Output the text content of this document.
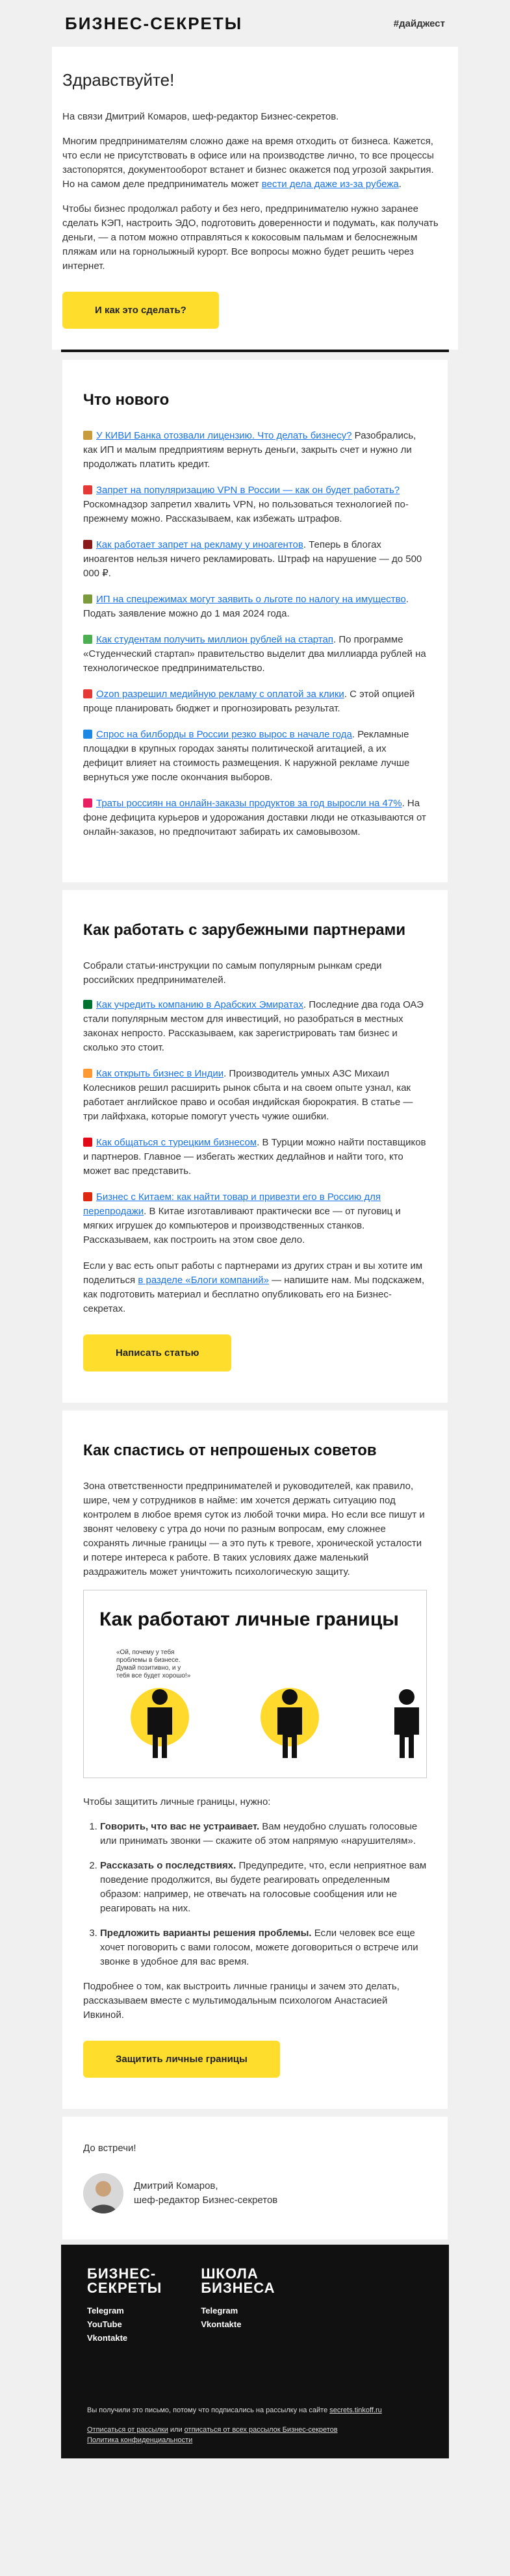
БИЗНЕС-СЕКРЕТЫ	#дайджест
Здравствуйте!

На связи Дмитрий Комаров, шеф-редактор Бизнес-секретов.

Многим предпринимателям сложно даже на время отходить от бизнеса. Кажется, что если не присутствовать в офисе или на производстве лично, то все процессы застопорятся, документооборот встанет и бизнес окажется под угрозой закрытия. Но на самом деле предприниматель может вести дела даже из-за рубежа.

Чтобы бизнес продолжал работу и без него, предпринимателю нужно заранее сделать КЭП, настроить ЭДО, подготовить доверенности и подумать, как получать деньги, — а потом можно отправляться к кокосовым пальмам и белоснежным пляжам или на горнолыжный курорт. Все вопросы можно будет решить через интернет.

И как это сделать?
Что нового
У КИВИ Банка отозвали лицензию. Что делать бизнесу? Разобрались, как ИП и малым предприятиям вернуть деньги, закрыть счет и нужно ли продолжать платить кредит.
Запрет на популяризацию VPN в России — как он будет работать? Роскомнадзор запретил хвалить VPN, но пользоваться технологией по-прежнему можно. Рассказываем, как избежать штрафов.
Как работает запрет на рекламу у иноагентов. Теперь в блогах иноагентов нельзя ничего рекламировать. Штраф на нарушение — до 500 000 ₽.
ИП на спецрежимах могут заявить о льготе по налогу на имущество. Подать заявление можно до 1 мая 2024 года.
Как студентам получить миллион рублей на стартап. По программе «Студенческий стартап» правительство выделит два миллиарда рублей на технологическое предпринимательство.
Ozon разрешил медийную рекламу с оплатой за клики. С этой опцией проще планировать бюджет и прогнозировать результат.
Спрос на билборды в России резко вырос в начале года. Рекламные площадки в крупных городах заняты политической агитацией, а их дефицит влияет на стоимость размещения. К наружной рекламе лучше вернуться уже после окончания выборов.
Траты россиян на онлайн-заказы продуктов за год выросли на 47%. На фоне дефицита курьеров и удорожания доставки люди не отказываются от онлайн-заказов, но предпочитают забирать их самовывозом.
Как работать с зарубежными партнерами

Собрали статьи-инструкции по самым популярным рынкам среди российских предпринимателей.

Как учредить компанию в Арабских Эмиратах. Последние два года ОАЭ стали популярным местом для инвестиций, но разобраться в местных законах непросто. Рассказываем, как зарегистрировать там бизнес и сколько это стоит.
Как открыть бизнес в Индии. Производитель умных АЗС Михаил Колесников решил расширить рынок сбыта и на своем опыте узнал, как работает английское право и особая индийская бюрократия. В статье — три лайфхака, которые помогут учесть чужие ошибки.
Как общаться с турецким бизнесом. В Турции можно найти поставщиков и партнеров. Главное — избегать жестких дедлайнов и найти того, кто может вас представить.
Бизнес с Китаем: как найти товар и привезти его в Россию для перепродажи. В Китае изготавливают практически все — от пуговиц и мягких игрушек до компьютеров и производственных станков. Рассказываем, как построить на этом свое дело.

Если у вас есть опыт работы с партнерами из других стран и вы хотите им поделиться в разделе «Блоги компаний» — напишите нам. Мы подскажем, как подготовить материал и бесплатно опубликовать его на Бизнес-секретах.

Написать статью
Как спастись от непрошеных советов

Зона ответственности предпринимателей и руководителей, как правило, шире, чем у сотрудников в найме: им хочется держать ситуацию под контролем в любое время суток из любой точки мира. Но если все пишут и звонят человеку с утра до ночи по разным вопросам, ему сложнее сохранять личные границы — а это путь к тревоге, хронической усталости и потере интереса к работе. В таких условиях даже маленький раздражитель может уничтожить психологическую защиту.

Как работают личные границы
«Ой, почему у тебя проблемы в бизнесе. Думай позитивно, и у тебя все будет хорошо!»

Чтобы защитить личные границы, нужно:

1. Говорить, что вас не устраивает. Вам неудобно слушать голосовые или принимать звонки — скажите об этом напрямую «нарушителям».
2. Рассказать о последствиях. Предупредите, что, если неприятное вам поведение продолжится, вы будете реагировать определенным образом: например, не отвечать на голосовые сообщения или не реагировать на них.
3. Предложить варианты решения проблемы. Если человек все еще хочет поговорить с вами голосом, можете договориться о встрече или звонке в удобное для вас время.

Подробнее о том, как выстроить личные границы и зачем это делать, рассказываем вместе с мультимодальным психологом Анастасией Ивкиной.

Защитить личные границы
До встречи!
Дмитрий Комаров,
шеф-редактор Бизнес-секретов
БИЗНЕС-
СЕКРЕТЫ
Telegram
YouTube
Vkontakte
ШКОЛА
БИЗНЕСА
Telegram
Vkontakte
Вы получили это письмо, потому что подписались на рассылку на сайте secrets.tinkoff.ru
Отписаться от рассылки или отписаться от всех рассылок Бизнес-секретов
Политика конфиденциальности
